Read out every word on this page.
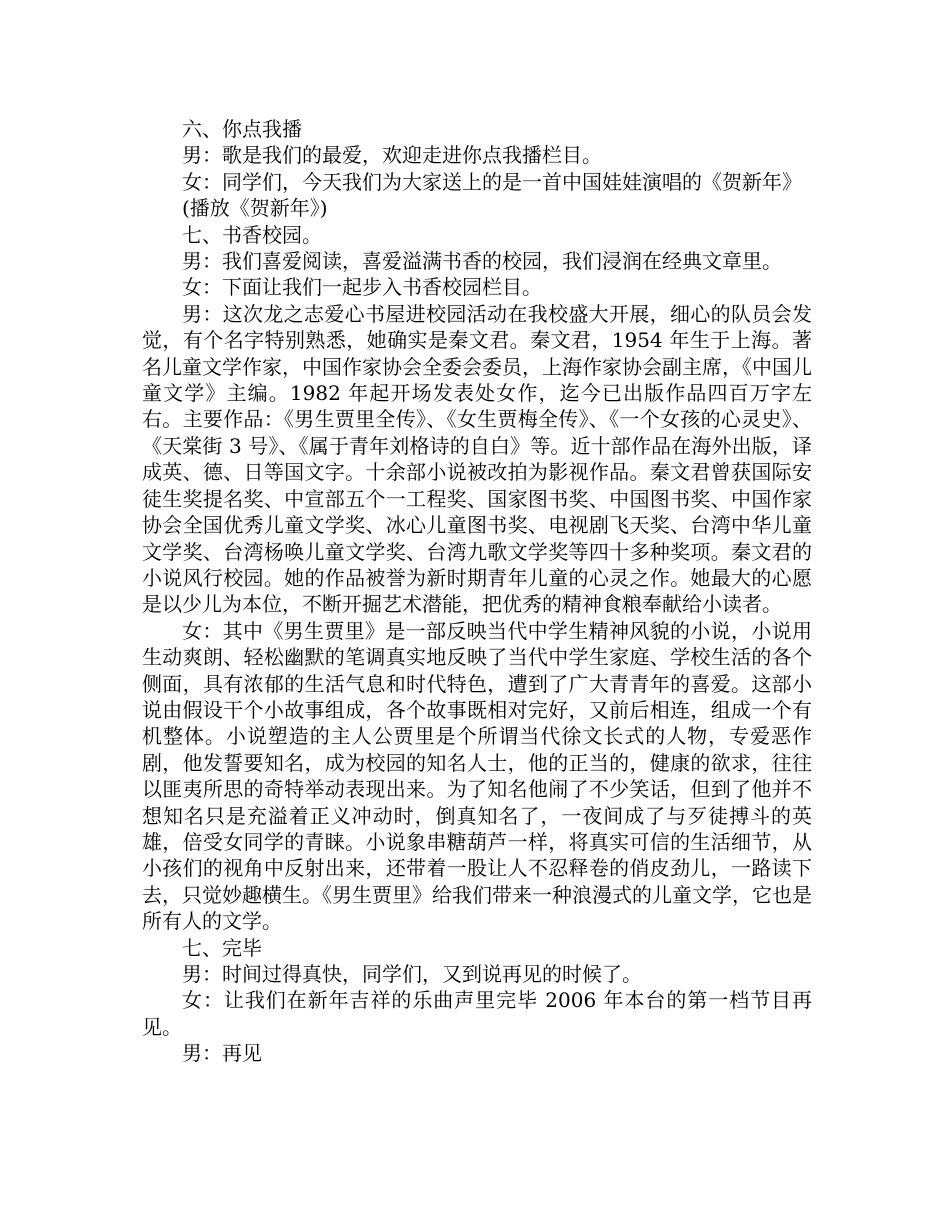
六、你点我播

男：歌是我们的最爱，欢迎走进你点我播栏目。

女：同学们，今天我们为大家送上的是一首中国娃娃演唱的《贺新年》

(播放《贺新年》)

七、书香校园。

男：我们喜爱阅读，喜爱溢满书香的校园，我们浸润在经典文章里。

女：下面让我们一起步入书香校园栏目。

男：这次龙之志爱心书屋进校园活动在我校盛大开展，细心的队员会发觉，有个名字特别熟悉，她确实是秦文君。秦文君，1954 年生于上海。著名儿童文学作家，中国作家协会全委会委员，上海作家协会副主席，《中国儿童文学》主编。1982 年起开场发表处女作，迄今已出版作品四百万字左右。主要作品：《男生贾里全传》、《女生贾梅全传》、《一个女孩的心灵史》、《天棠街 3 号》、《属于青年刘格诗的自白》等。近十部作品在海外出版，译成英、德、日等国文字。十余部小说被改拍为影视作品。秦文君曾获国际安徒生奖提名奖、中宣部五个一工程奖、国家图书奖、中国图书奖、中国作家协会全国优秀儿童文学奖、冰心儿童图书奖、电视剧飞天奖、台湾中华儿童文学奖、台湾杨唤儿童文学奖、台湾九歌文学奖等四十多种奖项。秦文君的小说风行校园。她的作品被誉为新时期青年儿童的心灵之作。她最大的心愿是以少儿为本位，不断开掘艺术潜能，把优秀的精神食粮奉献给小读者。

女：其中《男生贾里》是一部反映当代中学生精神风貌的小说，小说用生动爽朗、轻松幽默的笔调真实地反映了当代中学生家庭、学校生活的各个侧面，具有浓郁的生活气息和时代特色，遭到了广大青青年的喜爱。这部小说由假设干个小故事组成，各个故事既相对完好，又前后相连，组成一个有机整体。小说塑造的主人公贾里是个所谓当代徐文长式的人物，专爱恶作剧，他发誓要知名，成为校园的知名人士，他的正当的，健康的欲求，往往以匪夷所思的奇特举动表现出来。为了知名他闹了不少笑话，但到了他并不想知名只是充溢着正义冲动时，倒真知名了，一夜间成了与歹徒搏斗的英雄，倍受女同学的青睐。小说象串糖葫芦一样，将真实可信的生活细节，从小孩们的视角中反射出来，还带着一股让人不忍释卷的俏皮劲儿，一路读下去，只觉妙趣横生。《男生贾里》给我们带来一种浪漫式的儿童文学，它也是所有人的文学。

七、完毕

男：时间过得真快，同学们，又到说再见的时候了。

女：让我们在新年吉祥的乐曲声里完毕 2006 年本台的第一档节目再见。

男：再见
